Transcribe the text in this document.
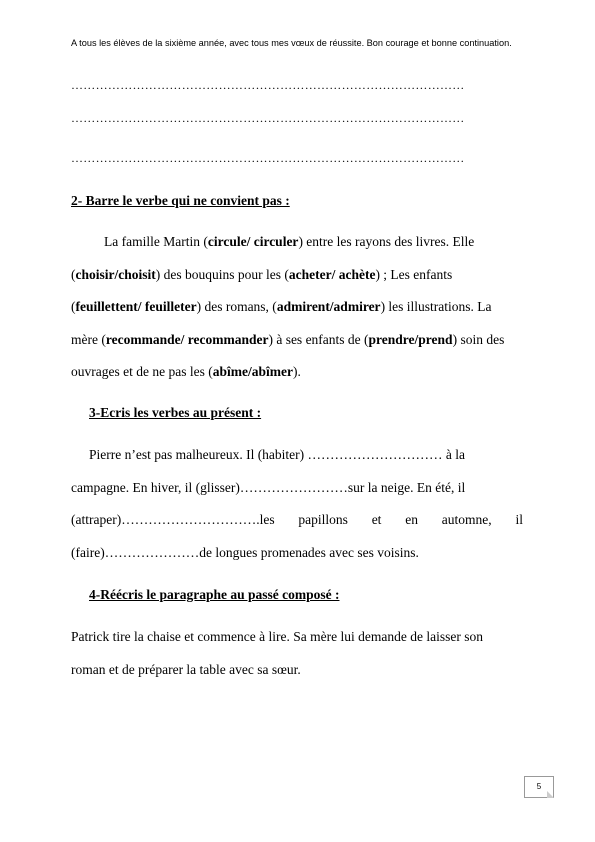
A tous les élèves de la sixième année, avec tous mes vœux de réussite. Bon courage et bonne continuation.
……………………………………………………………………………………
……………………………………………………………………………………
……………………………………………………………………………………
2- Barre le verbe qui ne convient pas :
La famille Martin (circule/ circuler) entre les rayons des livres. Elle
(choisir/choisit) des bouquins pour les (acheter/ achète) ; Les enfants
(feuillettent/ feuilleter) des romans, (admirent/admirer) les illustrations. La
mère (recommande/ recommander) à ses enfants de (prendre/prend) soin des
ouvrages et de ne pas les (abîme/abîmer).
3-Ecris les verbes au présent :
Pierre n’est pas malheureux. Il (habiter) ………………………… à la
campagne. En hiver, il (glisser)……………………sur la neige. En été, il
(attraper)………………………….les papillons et en automne, il
(faire)…………………de longues promenades avec ses voisins.
4-Réécris le paragraphe au passé composé :
Patrick tire la chaise et commence à lire. Sa mère lui demande de laisser son
roman et de préparer la table avec sa sœur.
5
